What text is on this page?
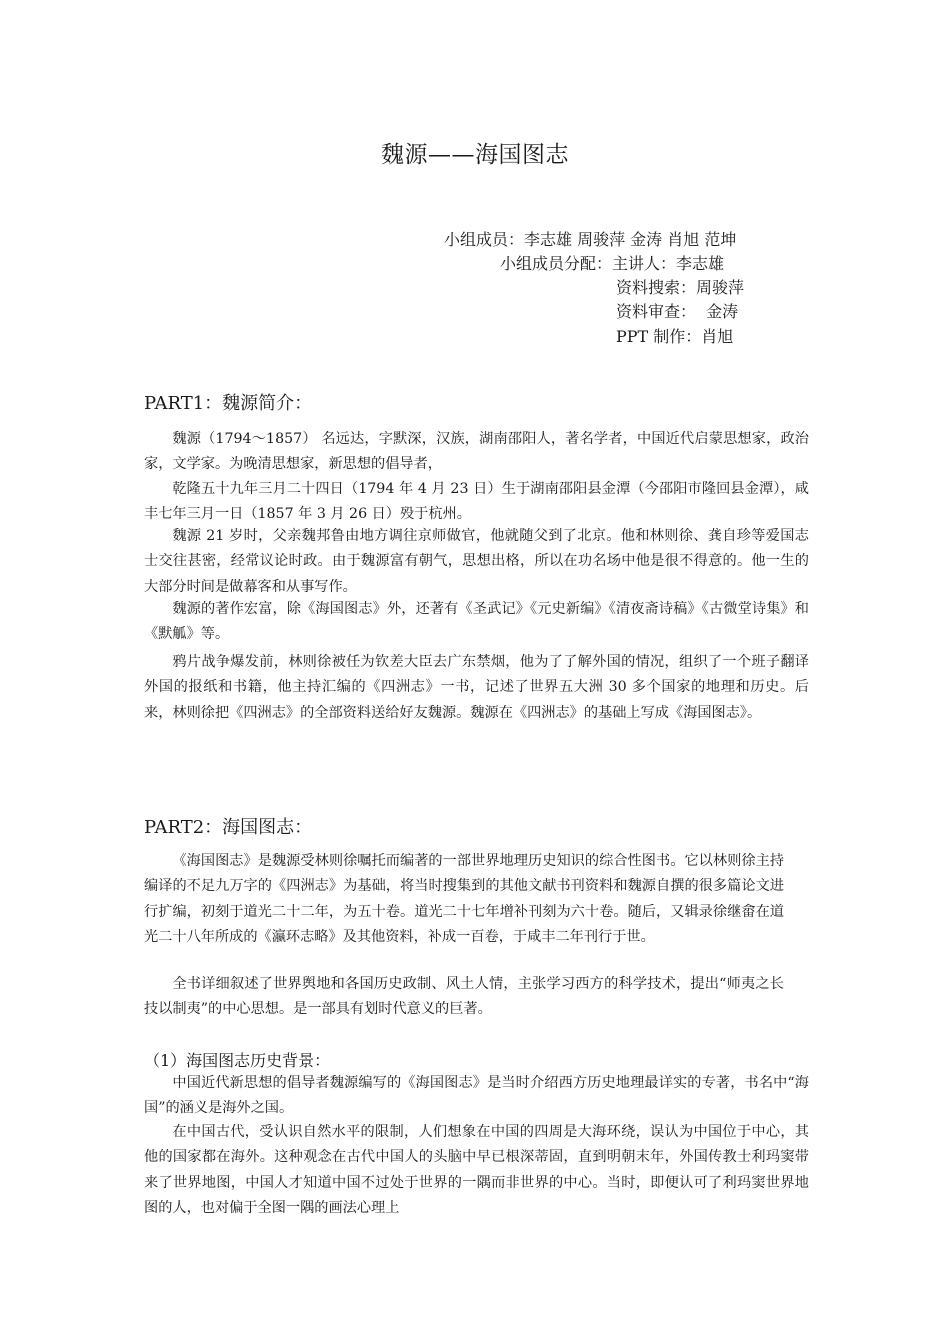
魏源——海国图志
小组成员：李志雄 周骏萍 金涛 肖旭 范坤
小组成员分配：主讲人：李志雄
资料搜索：周骏萍
资料审查：  金涛
PPT 制作：肖旭
PART1：魏源简介：
魏源（1794～1857） 名远达，字默深，汉族，湖南邵阳人，著名学者，中国近代启蒙思想家，政治家，文学家。为晚清思想家，新思想的倡导者，
乾隆五十九年三月二十四日（1794 年 4 月 23 日）生于湖南邵阳县金潭（今邵阳市隆回县金潭），咸丰七年三月一日（1857 年 3 月 26 日）殁于杭州。
魏源 21 岁时，父亲魏邦鲁由地方调往京师做官，他就随父到了北京。他和林则徐、龚自珍等爱国志士交往甚密，经常议论时政。由于魏源富有朝气，思想出格，所以在功名场中他是很不得意的。他一生的大部分时间是做幕客和从事写作。
魏源的著作宏富，除《海国图志》外，还著有《圣武记》《元史新编》《清夜斋诗稿》《古微堂诗集》和《默觚》等。
鸦片战争爆发前，林则徐被任为钦差大臣去广东禁烟，他为了了解外国的情况，组织了一个班子翻译外国的报纸和书籍，他主持汇编的《四洲志》一书，记述了世界五大洲 30 多个国家的地理和历史。后来，林则徐把《四洲志》的全部资料送给好友魏源。魏源在《四洲志》的基础上写成《海国图志》。
PART2：海国图志：
《海国图志》是魏源受林则徐嘱托而编著的一部世界地理历史知识的综合性图书。它以林则徐主持编译的不足九万字的《四洲志》为基础，将当时搜集到的其他文献书刊资料和魏源自撰的很多篇论文进行扩编，初刻于道光二十二年，为五十卷。道光二十七年增补刊刻为六十卷。随后，又辑录徐继畲在道光二十八年所成的《瀛环志略》及其他资料，补成一百卷，于咸丰二年刊行于世。
全书详细叙述了世界舆地和各国历史政制、风土人情，主张学习西方的科学技术，提出“师夷之长技以制夷”的中心思想。是一部具有划时代意义的巨著。
（1）海国图志历史背景：
中国近代新思想的倡导者魏源编写的《海国图志》是当时介绍西方历史地理最详实的专著，书名中“海国”的涵义是海外之国。
在中国古代，受认识自然水平的限制，人们想象在中国的四周是大海环绕，误认为中国位于中心，其他的国家都在海外。这种观念在古代中国人的头脑中早已根深蒂固，直到明朝末年，外国传教士利玛窦带来了世界地图，中国人才知道中国不过处于世界的一隅而非世界的中心。当时，即便认可了利玛窦世界地图的人，也对偏于全图一隅的画法心理上
